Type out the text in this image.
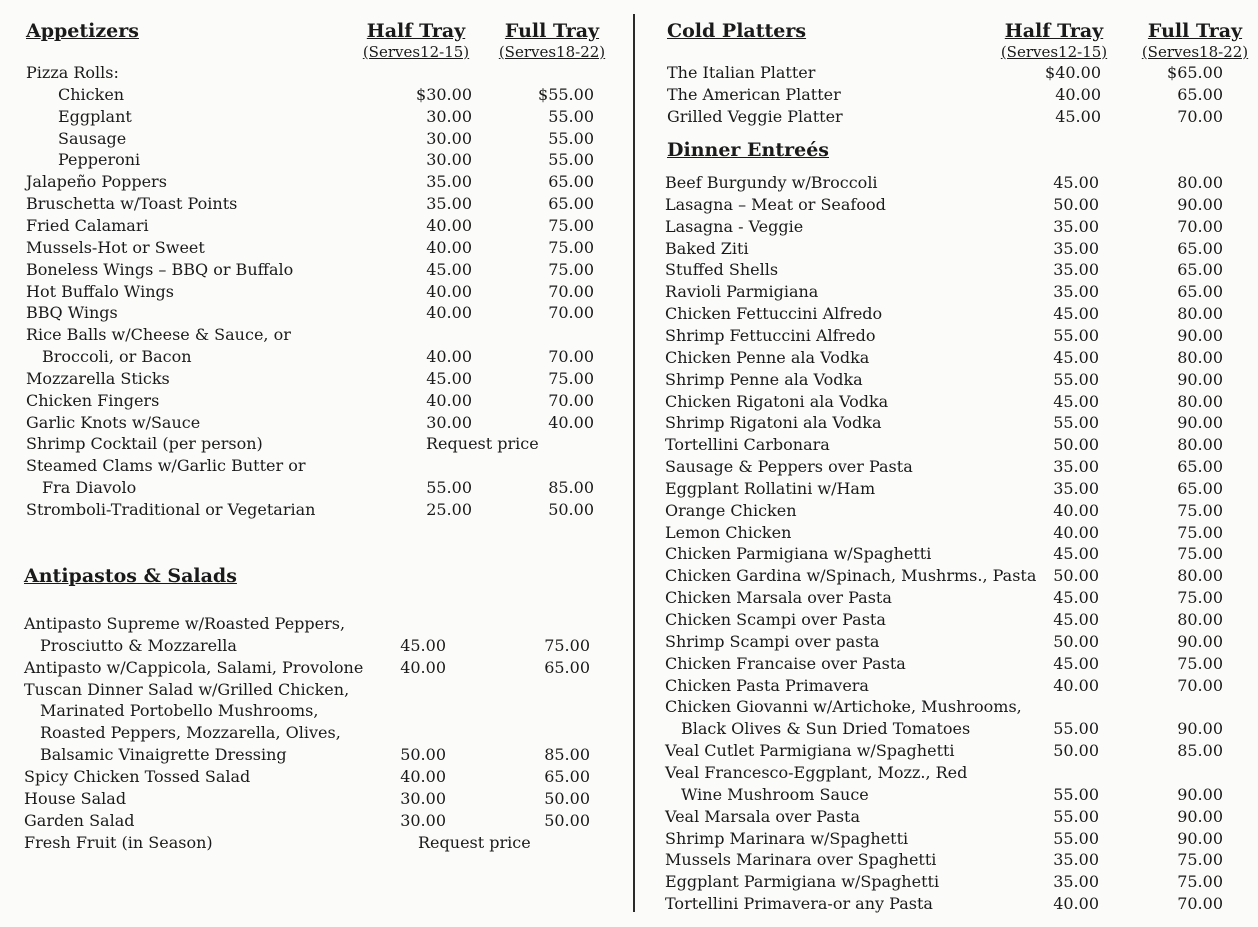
Appetizers	Half Tray
(Serves12-15)
Full Tray
(Serves18-22)
Pizza Rolls:
Chicken	$30.00	$55.00
Eggplant	30.00	55.00
Sausage	30.00	55.00
Pepperoni	30.00	55.00
Jalapeño Poppers	35.00	65.00
Bruschetta w/Toast Points	35.00	65.00
Fried Calamari	40.00	75.00
Mussels-Hot or Sweet	40.00	75.00
Boneless Wings – BBQ or Buffalo	45.00	75.00
Hot Buffalo Wings	40.00	70.00
BBQ Wings	40.00	70.00
Rice Balls w/Cheese & Sauce, or
Broccoli, or Bacon	40.00	70.00
Mozzarella Sticks	45.00	75.00
Chicken Fingers	40.00	70.00
Garlic Knots w/Sauce	30.00	40.00
Shrimp Cocktail (per person)	Request price
Steamed Clams w/Garlic Butter or
Fra Diavolo	55.00	85.00
Stromboli-Traditional or Vegetarian	25.00	50.00
Antipastos & Salads
Antipasto Supreme w/Roasted Peppers,
Prosciutto & Mozzarella	45.00	75.00
Antipasto w/Cappicola, Salami, Provolone 40.00	65.00
Tuscan Dinner Salad w/Grilled Chicken,
Marinated Portobello Mushrooms,
Roasted Peppers, Mozzarella, Olives,
Balsamic Vinaigrette Dressing	50.00	85.00
Spicy Chicken Tossed Salad	40.00	65.00
House Salad	30.00	50.00
Garden Salad	30.00	50.00
Fresh Fruit (in Season)	Request price
Cold Platters	Half Tray
(Serves12-15)
Full Tray
(Serves18-22)
The Italian Platter	$40.00	$65.00
The American Platter	40.00	65.00
Grilled Veggie Platter	45.00	70.00
Dinner Entreés
Beef Burgundy w/Broccoli	45.00	80.00
Lasagna – Meat or Seafood	50.00	90.00
Lasagna - Veggie	35.00	70.00
Baked Ziti	35.00	65.00
Stuffed Shells	35.00	65.00
Ravioli Parmigiana	35.00	65.00
Chicken Fettuccini Alfredo	45.00	80.00
Shrimp Fettuccini Alfredo	55.00	90.00
Chicken Penne ala Vodka	45.00	80.00
Shrimp Penne ala Vodka	55.00	90.00
Chicken Rigatoni ala Vodka	45.00	80.00
Shrimp Rigatoni ala Vodka	55.00	90.00
Tortellini Carbonara	50.00	80.00
Sausage & Peppers over Pasta	35.00	65.00
Eggplant Rollatini w/Ham	35.00	65.00
Orange Chicken	40.00	75.00
Lemon Chicken	40.00	75.00
Chicken Parmigiana w/Spaghetti	45.00	75.00
Chicken Gardina w/Spinach, Mushrms., Pasta 50.00	80.00
Chicken Marsala over Pasta	45.00	75.00
Chicken Scampi over Pasta	45.00	80.00
Shrimp Scampi over pasta	50.00	90.00
Chicken Francaise over Pasta	45.00	75.00
Chicken Pasta Primavera	40.00	70.00
Chicken Giovanni w/Artichoke, Mushrooms,
Black Olives & Sun Dried Tomatoes	55.00	90.00
Veal Cutlet Parmigiana w/Spaghetti	50.00	85.00
Veal Francesco-Eggplant, Mozz., Red
Wine Mushroom Sauce	55.00	90.00
Veal Marsala over Pasta	55.00	90.00
Shrimp Marinara w/Spaghetti	55.00	90.00
Mussels Marinara over Spaghetti	35.00	75.00
Eggplant Parmigiana w/Spaghetti	35.00	75.00
Tortellini Primavera-or any Pasta	40.00	70.00
